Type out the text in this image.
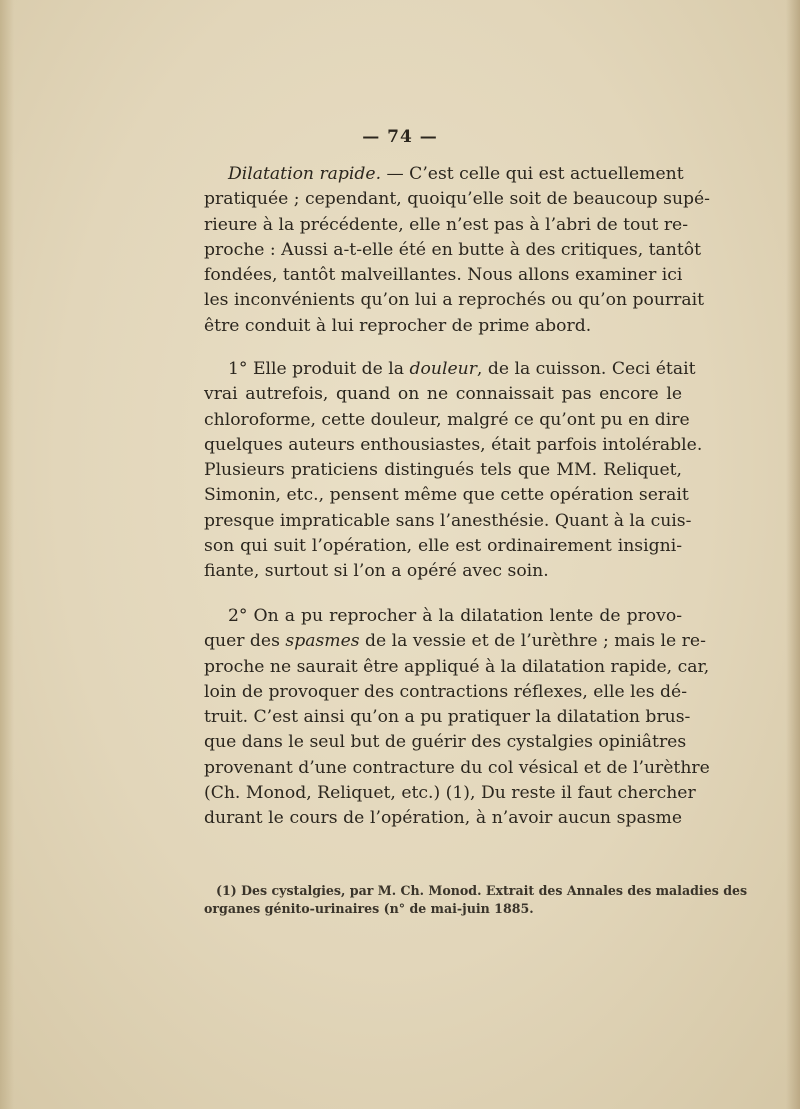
— 74 —
Dilatation rapide. — C’est celle qui est actuellement
pratiquée ; cependant, quoiqu’elle soit de beaucoup supé-
rieure à la précédente, elle n’est pas à l’abri de tout re-
proche : Aussi a-t-elle été en butte à des critiques, tantôt
fondées, tantôt malveillantes. Nous allons examiner ici
les inconvénients qu’on lui a reprochés ou qu’on pourrait
être conduit à lui reprocher de prime abord.
1° Elle produit de la douleur, de la cuisson. Ceci était
vrai autrefois, quand on ne connaissait pas encore le
chloroforme, cette douleur, malgré ce qu’ont pu en dire
quelques auteurs enthousiastes, était parfois intolérable.
Plusieurs praticiens distingués tels que MM. Reliquet,
Simonin, etc., pensent même que cette opération serait
presque impraticable sans l’anesthésie. Quant à la cuis-
son qui suit l’opération, elle est ordinairement insigni-
fiante, surtout si l’on a opéré avec soin.
2° On a pu reprocher à la dilatation lente de provo-
quer des spasmes de la vessie et de l’urèthre ; mais le re-
proche ne saurait être appliqué à la dilatation rapide, car,
loin de provoquer des contractions réflexes, elle les dé-
truit. C’est ainsi qu’on a pu pratiquer la dilatation brus-
que dans le seul but de guérir des cystalgies opiniâtres
provenant d’une contracture du col vésical et de l’urèthre
(Ch. Monod, Reliquet, etc.) (1), Du reste il faut chercher
durant le cours de l’opération, à n’avoir aucun spasme
(1) Des cystalgies, par M. Ch. Monod. Extrait des Annales des maladies des
organes génito-urinaires (n° de mai-juin 1885.
